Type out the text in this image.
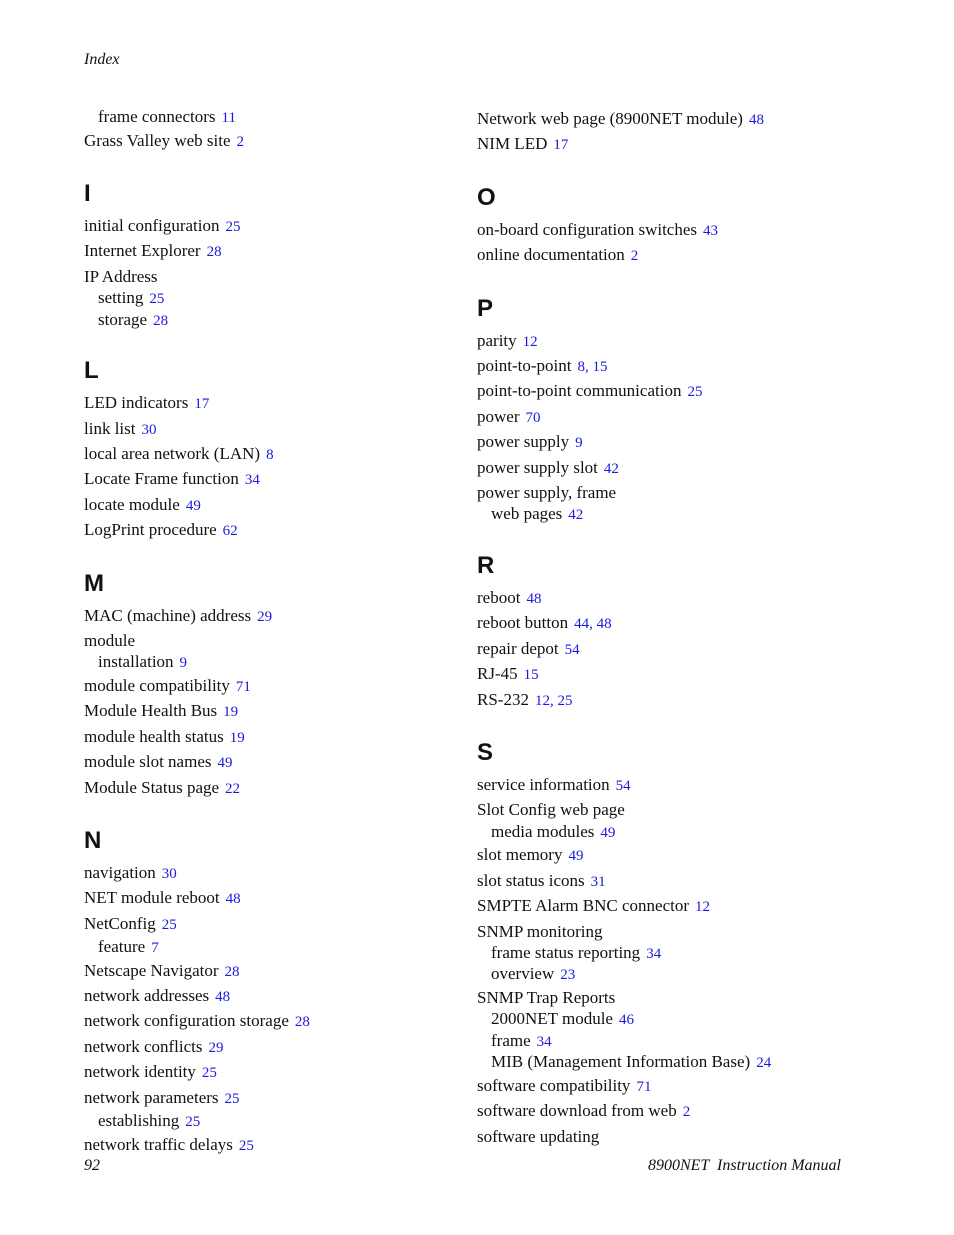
Index
frame connectors 11
Grass Valley web site 2
I
initial configuration 25
Internet Explorer 28
IP Address
setting 25
storage 28
L
LED indicators 17
link list 30
local area network (LAN) 8
Locate Frame function 34
locate module 49
LogPrint procedure 62
M
MAC (machine) address 29
module
installation 9
module compatibility 71
Module Health Bus 19
module health status 19
module slot names 49
Module Status page 22
N
navigation 30
NET module reboot 48
NetConfig 25
feature 7
Netscape Navigator 28
network addresses 48
network configuration storage 28
network conflicts 29
network identity 25
network parameters 25
establishing 25
network traffic delays 25
Network web page (8900NET module) 48
NIM LED 17
O
on-board configuration switches 43
online documentation 2
P
parity 12
point-to-point 8, 15
point-to-point communication 25
power 70
power supply 9
power supply slot 42
power supply, frame
web pages 42
R
reboot 48
reboot button 44, 48
repair depot 54
RJ-45 15
RS-232 12, 25
S
service information 54
Slot Config web page
media modules 49
slot memory 49
slot status icons 31
SMPTE Alarm BNC connector 12
SNMP monitoring
frame status reporting 34
overview 23
SNMP Trap Reports
2000NET module 46
frame 34
MIB (Management Information Base) 24
software compatibility 71
software download from web 2
software updating
92	8900NET  Instruction Manual
